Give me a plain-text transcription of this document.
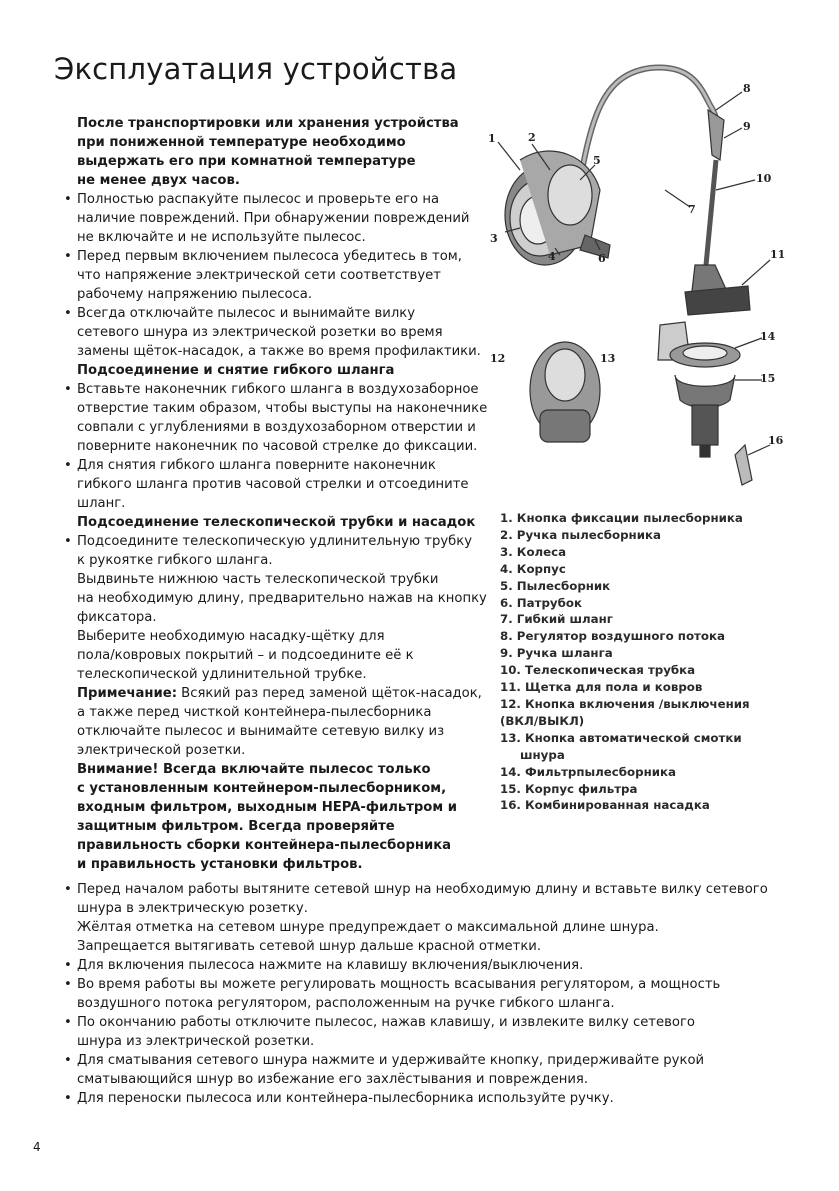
Эксплуатация устройства
После транспортировки или хранения устройства
при пониженной температуре необходимо
выдержать его при комнатной температуре
не менее двух часов.
• Полностью распакуйте пылесос и проверьте его на
наличие повреждений. При обнаружении повреждений
не включайте и не используйте пылесос.
• Перед первым включением пылесоса убедитесь в том,
что напряжение электрической сети соответствует
рабочему напряжению пылесоса.
• Всегда отключайте пылесос и вынимайте вилку
сетевого шнура из электрической розетки во время
замены щёток-насадок, а также во время профилактики.
Подсоединение и снятие гибкого шланга
• Вставьте наконечник гибкого шланга в воздухозаборное
отверстие таким образом, чтобы выступы на наконечнике
совпали с углублениями в воздухозаборном отверстии и
поверните наконечник по часовой стрелке до фиксации.
• Для снятия гибкого шланга поверните наконечник
гибкого шланга против часовой стрелки и отсоедините
шланг.
Подсоединение телескопической трубки и насадок
• Подсоедините телескопическую удлинительную трубку
к рукоятке гибкого шланга.
Выдвиньте нижнюю часть телескопической трубки
на необходимую длину, предварительно нажав на кнопку
фиксатора.
Выберите необходимую насадку-щётку для
пола/ковровых покрытий – и подсоедините её к
телескопической удлинительной трубке.
Примечание: Всякий раз перед заменой щёток-насадок,
а также перед чисткой контейнера-пылесборника
отключайте пылесос и вынимайте сетевую вилку из
электрической розетки.
Внимание! Всегда включайте пылесос только
с установленным контейнером-пылесборником,
входным фильтром, выходным HEPA-фильтром и
защитным фильтром. Всегда проверяйте
правильность сборки контейнера-пылесборника
и правильность установки фильтров.
• Перед началом работы вытяните сетевой шнур на необходимую длину и вставьте вилку сетевого
шнура в электрическую розетку.
Жёлтая отметка на сетевом шнуре предупреждает о максимальной длине шнура.
Запрещается вытягивать сетевой шнур дальше красной отметки.
• Для включения пылесоса нажмите на клавишу включения/выключения.
• Во время работы вы можете регулировать мощность всасывания регулятором, а мощность
воздушного потока регулятором, расположенным на ручке гибкого шланга.
• По окончанию работы отключите пылесос, нажав клавишу, и извлеките вилку сетевого
шнура из электрической розетки.
• Для сматывания сетевого шнура нажмите и удерживайте кнопку, придерживайте рукой
сматывающийся шнур во избежание его захлёстывания и повреждения.
• Для переноски пылесоса или контейнера-пылесборника используйте ручку.
1. Кнопка фиксации пылесборника
2. Ручка пылесборника
3. Колеса
4. Корпус
5. Пылесборник
6. Патрубок
7. Гибкий шланг
8. Регулятор воздушного потока
9. Ручка шланга
10. Телескопическая трубка
11. Щетка для пола и ковров
12. Кнопка включения /выключения
(ВКЛ/ВЫКЛ)
13. Кнопка автоматической смотки
шнура
14. Фильтрпылесборника
15. Корпус фильтра
16. Комбинированная насадка
1	2
3
4
5
6
7
8
9
10
11
12	13
14
15
16
4
